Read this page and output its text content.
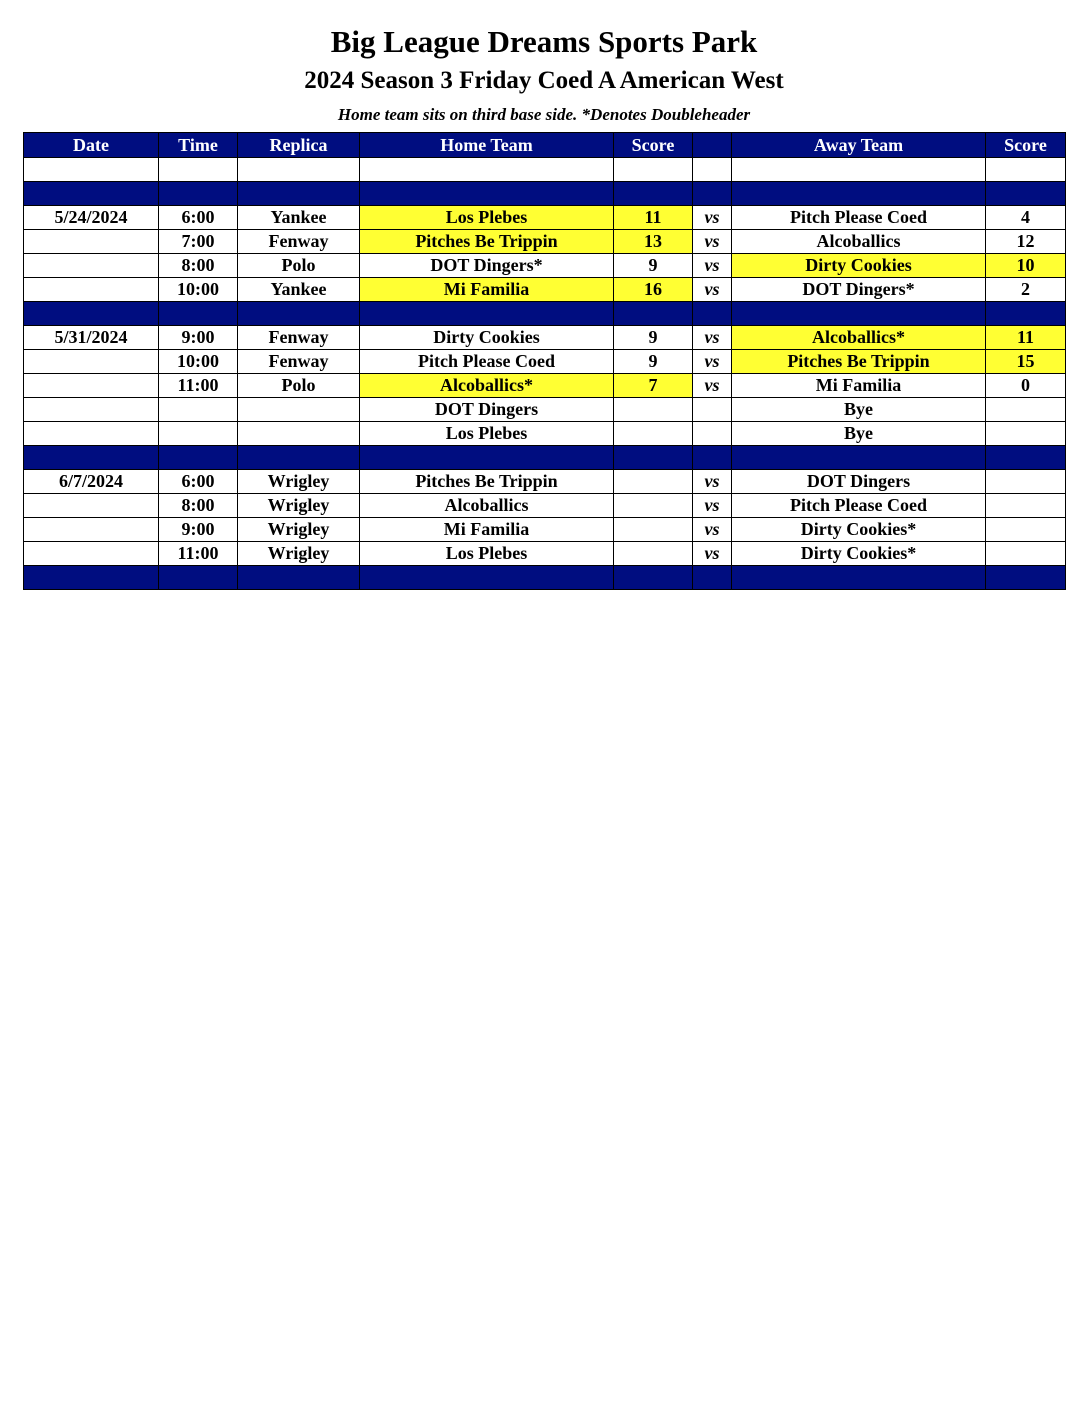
Big League Dreams Sports Park
2024 Season 3 Friday Coed A American West
Home team sits on third base side. *Denotes Doubleheader
Date	Time	Replica	Home Team	Score		Away Team	Score

5/24/2024	6:00	Yankee	Los Plebes	11	vs	Pitch Please Coed	4
	7:00	Fenway	Pitches Be Trippin	13	vs	Alcoballics	12
	8:00	Polo	DOT Dingers*	9	vs	Dirty Cookies	10
	10:00	Yankee	Mi Familia	16	vs	DOT Dingers*	2

5/31/2024	9:00	Fenway	Dirty Cookies	9	vs	Alcoballics*	11
	10:00	Fenway	Pitch Please Coed	9	vs	Pitches Be Trippin	15
	11:00	Polo	Alcoballics*	7	vs	Mi Familia	0
			DOT Dingers			Bye	
			Los Plebes			Bye	

6/7/2024	6:00	Wrigley	Pitches Be Trippin		vs	DOT Dingers	
	8:00	Wrigley	Alcoballics		vs	Pitch Please Coed	
	9:00	Wrigley	Mi Familia		vs	Dirty Cookies*	
	11:00	Wrigley	Los Plebes		vs	Dirty Cookies*	
